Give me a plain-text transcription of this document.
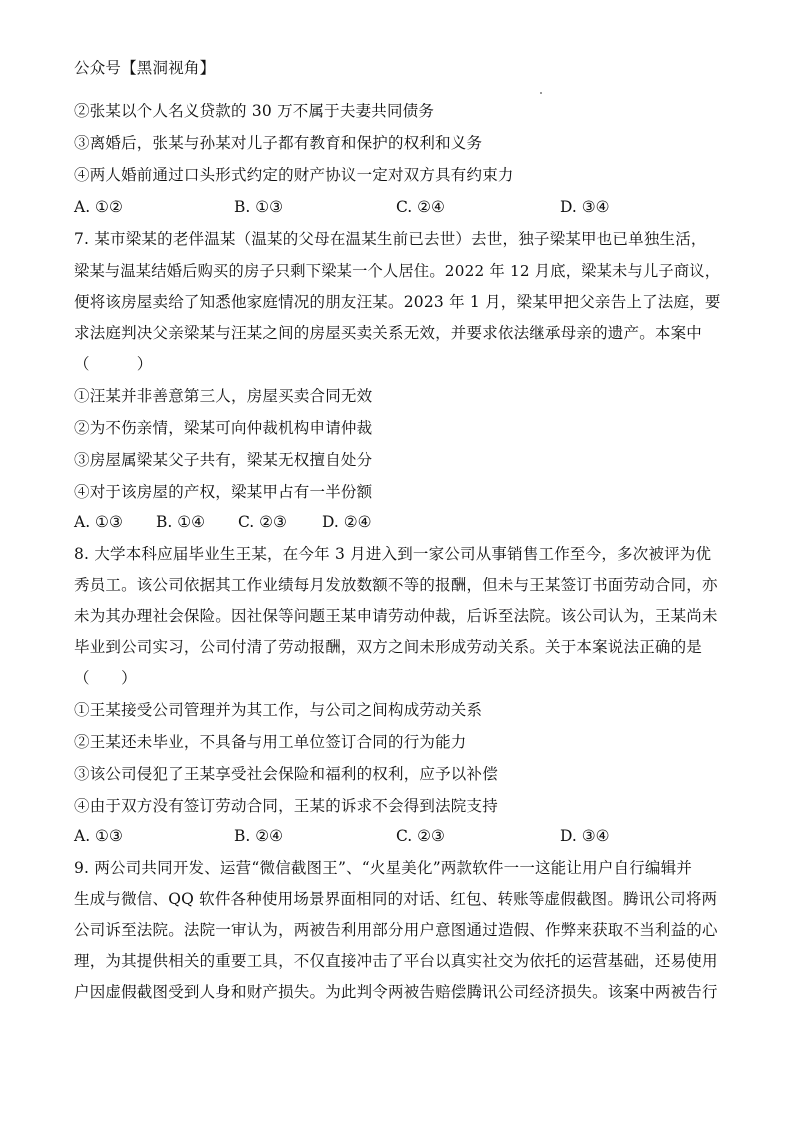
公众号【黑洞视角】
②张某以个人名义贷款的 30 万不属于夫妻共同债务
③离婚后，张某与孙某对儿子都有教育和保护的权利和义务
④两人婚前通过口头形式约定的财产协议一定对双方具有约束力
A. ①②	B. ①③	C. ②④	D. ③④
7. 某市梁某的老伴温某（温某的父母在温某生前已去世）去世，独子梁某甲也已单独生活，
梁某与温某结婚后购买的房子只剩下梁某一个人居住。2022 年 12 月底，梁某未与儿子商议，
便将该房屋卖给了知悉他家庭情况的朋友汪某。2023 年 1 月，梁某甲把父亲告上了法庭，要
求法庭判决父亲梁某与汪某之间的房屋买卖关系无效，并要求依法继承母亲的遗产。本案中
（　　　）
①汪某并非善意第三人，房屋买卖合同无效
②为不伤亲情，梁某可向仲裁机构申请仲裁
③房屋属梁某父子共有，梁某无权擅自处分
④对于该房屋的产权，梁某甲占有一半份额
A. ①③ B. ①④ C. ②③ D. ②④
8. 大学本科应届毕业生王某，在今年 3 月进入到一家公司从事销售工作至今，多次被评为优
秀员工。该公司依据其工作业绩每月发放数额不等的报酬，但未与王某签订书面劳动合同，亦
未为其办理社会保险。因社保等问题王某申请劳动仲裁，后诉至法院。该公司认为，王某尚未
毕业到公司实习，公司付清了劳动报酬，双方之间未形成劳动关系。关于本案说法正确的是
（　　）
①王某接受公司管理并为其工作，与公司之间构成劳动关系
②王某还未毕业，不具备与用工单位签订合同的行为能力
③该公司侵犯了王某享受社会保险和福利的权利，应予以补偿
④由于双方没有签订劳动合同，王某的诉求不会得到法院支持
A. ①③	B. ②④	C. ②③	D. ③④
9. 两公司共同开发、运营“微信截图王”、“火星美化”两款软件一一这能让用户自行编辑并
生成与微信、QQ 软件各种使用场景界面相同的对话、红包、转账等虚假截图。腾讯公司将两
公司诉至法院。法院一审认为，两被告利用部分用户意图通过造假、作弊来获取不当利益的心
理，为其提供相关的重要工具，不仅直接冲击了平台以真实社交为依托的运营基础，还易使用
户因虚假截图受到人身和财产损失。为此判令两被告赔偿腾讯公司经济损失。该案中两被告行
